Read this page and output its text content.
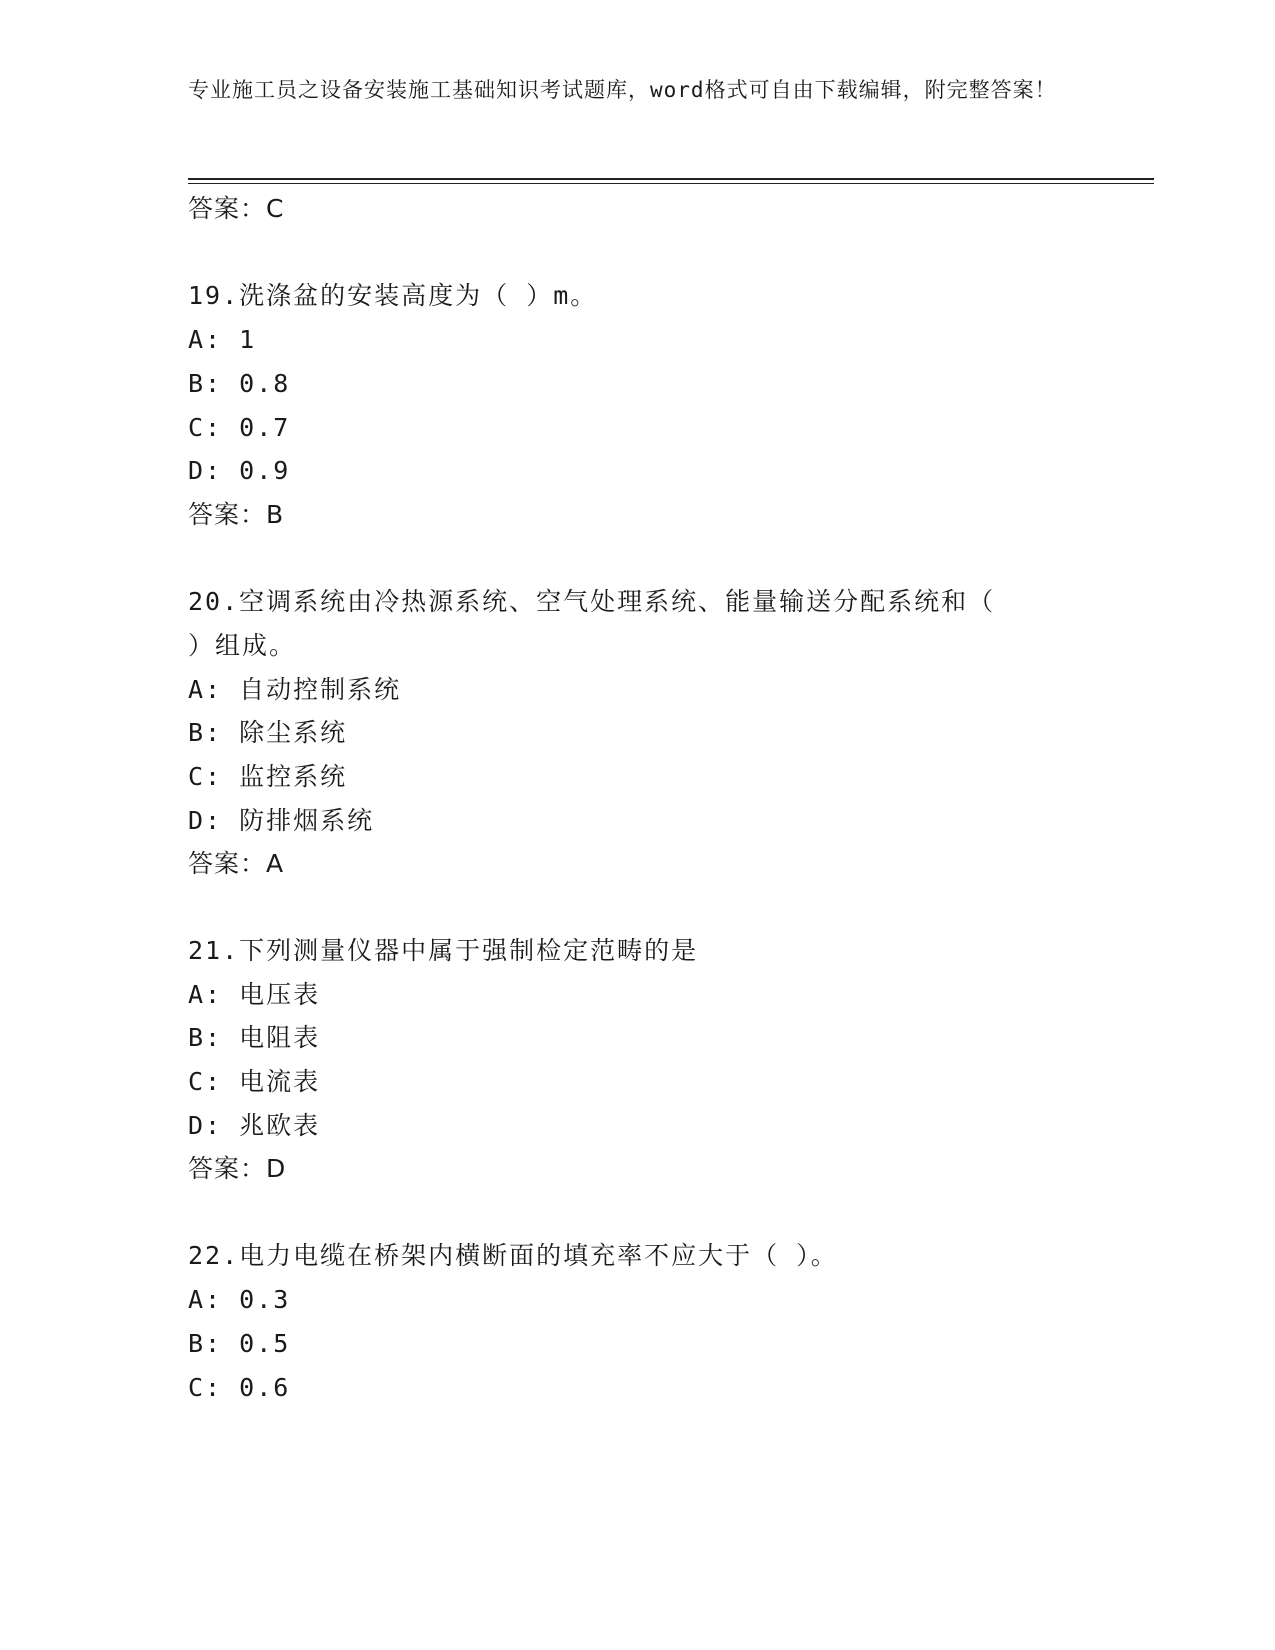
专业施工员之设备安装施工基础知识考试题库，word格式可自由下载编辑，附完整答案！
答案：C
19.洗涤盆的安装高度为（ ）m。
A: 1
B: 0.8
C: 0.7
D: 0.9
答案：B
20.空调系统由冷热源系统、空气处理系统、能量输送分配系统和（
）组成。
A: 自动控制系统
B: 除尘系统
C: 监控系统
D: 防排烟系统
答案：A
21.下列测量仪器中属于强制检定范畴的是
A: 电压表
B: 电阻表
C: 电流表
D: 兆欧表
答案：D
22.电力电缆在桥架内横断面的填充率不应大于（ ）。
A: 0.3
B: 0.5
C: 0.6
